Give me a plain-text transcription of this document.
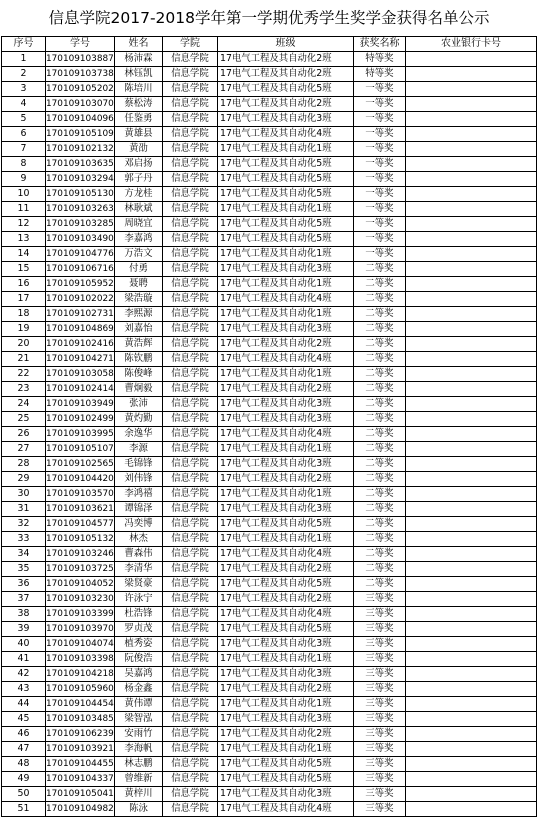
信息学院2017-2018学年第一学期优秀学生奖学金获得名单公示
序号	学号	姓名	学院	班级	获奖名称	农业银行卡号
1	170109103887	杨沛霖	信息学院	17电气工程及其自动化2班	特等奖	
2	170109103738	林钰凯	信息学院	17电气工程及其自动化2班	特等奖	
3	170109105202	陈培川	信息学院	17电气工程及其自动化5班	一等奖	
4	170109103070	蔡松涛	信息学院	17电气工程及其自动化2班	一等奖	
5	170109104096	任鉴勇	信息学院	17电气工程及其自动化3班	一等奖	
6	170109105109	黄雄县	信息学院	17电气工程及其自动化4班	一等奖	
7	170109102132	黄劭	信息学院	17电气工程及其自动化1班	一等奖	
8	170109103635	邓启扬	信息学院	17电气工程及其自动化5班	一等奖	
9	170109103294	郭子丹	信息学院	17电气工程及其自动化5班	一等奖	
10	170109105130	方龙桂	信息学院	17电气工程及其自动化5班	一等奖	
11	170109103263	林耿斌	信息学院	17电气工程及其自动化1班	一等奖	
12	170109103285	周晓宜	信息学院	17电气工程及其自动化5班	一等奖	
13	170109103490	李嘉鸿	信息学院	17电气工程及其自动化5班	一等奖	
14	170109104776	万浩文	信息学院	17电气工程及其自动化1班	一等奖	
15	170109106716	付勇	信息学院	17电气工程及其自动化3班	二等奖	
16	170109105952	聂聘	信息学院	17电气工程及其自动化1班	二等奖	
17	170109102022	梁浩璇	信息学院	17电气工程及其自动化4班	二等奖	
18	170109102731	李熙源	信息学院	17电气工程及其自动化1班	二等奖	
19	170109104869	刘嘉怡	信息学院	17电气工程及其自动化3班	二等奖	
20	170109102416	黄浩辉	信息学院	17电气工程及其自动化2班	二等奖	
21	170109104271	陈钦鹏	信息学院	17电气工程及其自动化4班	二等奖	
22	170109103058	陈俊峰	信息学院	17电气工程及其自动化1班	二等奖	
23	170109102414	曹炯毅	信息学院	17电气工程及其自动化2班	二等奖	
24	170109103949	张沛	信息学院	17电气工程及其自动化3班	二等奖	
25	170109102499	黄灼勤	信息学院	17电气工程及其自动化3班	二等奖	
26	170109103995	余逸华	信息学院	17电气工程及其自动化4班	二等奖	
27	170109105107	李源	信息学院	17电气工程及其自动化1班	二等奖	
28	170109102565	毛锦锋	信息学院	17电气工程及其自动化3班	二等奖	
29	170109104420	刘伟锋	信息学院	17电气工程及其自动化2班	二等奖	
30	170109103570	李鸿禧	信息学院	17电气工程及其自动化1班	二等奖	
31	170109103621	谭锦泽	信息学院	17电气工程及其自动化3班	二等奖	
32	170109104577	冯奕博	信息学院	17电气工程及其自动化5班	二等奖	
33	170109105132	林杰	信息学院	17电气工程及其自动化1班	二等奖	
34	170109103246	曹森伟	信息学院	17电气工程及其自动化4班	二等奖	
35	170109103725	李清华	信息学院	17电气工程及其自动化2班	二等奖	
36	170109104052	梁贤豪	信息学院	17电气工程及其自动化5班	二等奖	
37	170109103230	许泳宁	信息学院	17电气工程及其自动化2班	三等奖	
38	170109103399	杜浩锋	信息学院	17电气工程及其自动化4班	三等奖	
39	170109103970	罗贞茂	信息学院	17电气工程及其自动化5班	三等奖	
40	170109104074	植秀姿	信息学院	17电气工程及其自动化3班	三等奖	
41	170109103398	阮俊浩	信息学院	17电气工程及其自动化1班	三等奖	
42	170109104218	吴嘉鸿	信息学院	17电气工程及其自动化3班	三等奖	
43	170109105960	杨金鑫	信息学院	17电气工程及其自动化2班	三等奖	
44	170109104454	黄伟谭	信息学院	17电气工程及其自动化1班	三等奖	
45	170109103485	梁智泓	信息学院	17电气工程及其自动化3班	三等奖	
46	170109106239	安雨竹	信息学院	17电气工程及其自动化2班	三等奖	
47	170109103921	李海帆	信息学院	17电气工程及其自动化1班	三等奖	
48	170109104455	林志鹏	信息学院	17电气工程及其自动化5班	三等奖	
49	170109104337	曾维新	信息学院	17电气工程及其自动化5班	三等奖	
50	170109105041	黄梓川	信息学院	17电气工程及其自动化3班	三等奖	
51	170109104982	陈泳	信息学院	17电气工程及其自动化4班	三等奖	
